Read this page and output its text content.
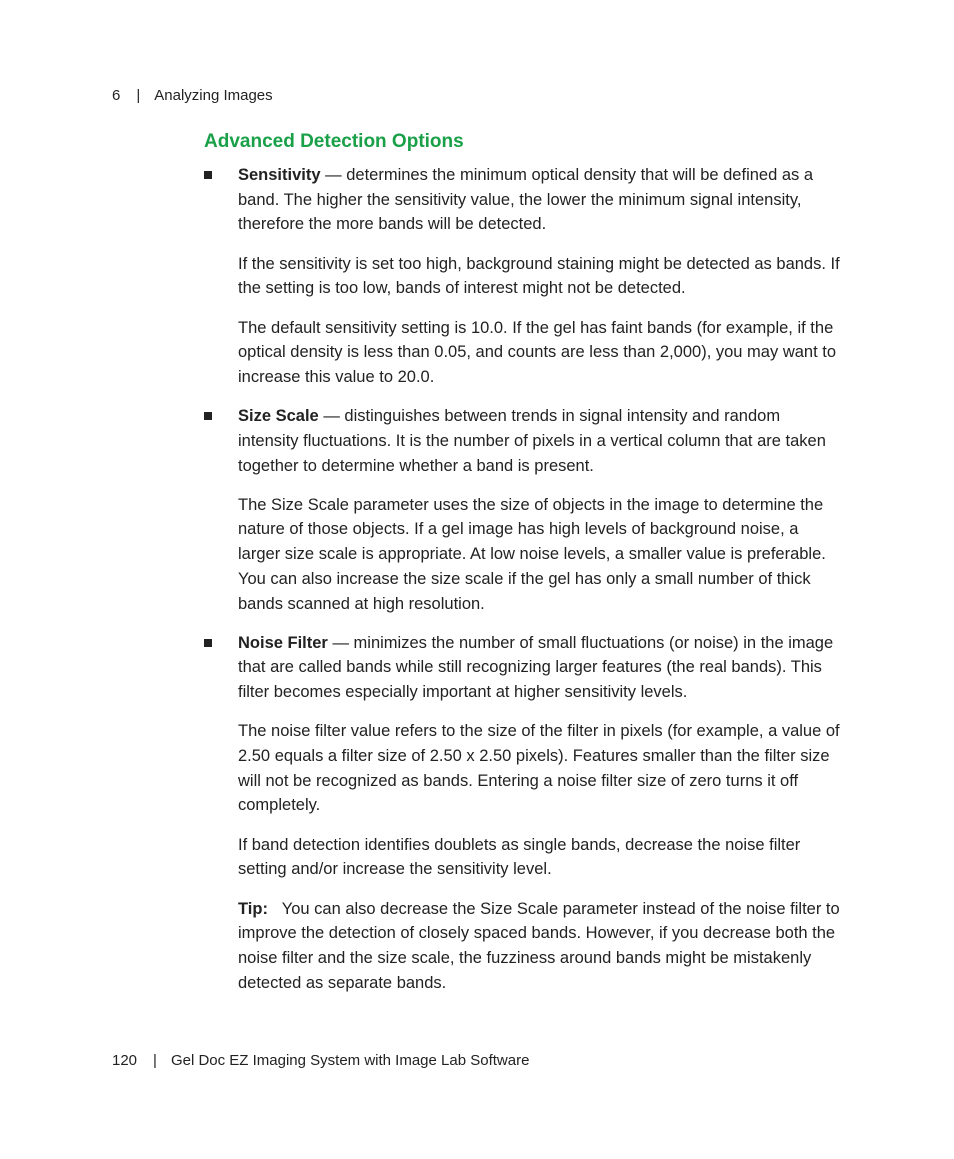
6 | Analyzing Images
Advanced Detection Options

Sensitivity — determines the minimum optical density that will be defined as a band. The higher the sensitivity value, the lower the minimum signal intensity, therefore the more bands will be detected.

If the sensitivity is set too high, background staining might be detected as bands. If the setting is too low, bands of interest might not be detected.

The default sensitivity setting is 10.0. If the gel has faint bands (for example, if the optical density is less than 0.05, and counts are less than 2,000), you may want to increase this value to 20.0.

Size Scale — distinguishes between trends in signal intensity and random intensity fluctuations. It is the number of pixels in a vertical column that are taken together to determine whether a band is present.

The Size Scale parameter uses the size of objects in the image to determine the nature of those objects. If a gel image has high levels of background noise, a larger size scale is appropriate. At low noise levels, a smaller value is preferable. You can also increase the size scale if the gel has only a small number of thick bands scanned at high resolution.

Noise Filter — minimizes the number of small fluctuations (or noise) in the image that are called bands while still recognizing larger features (the real bands). This filter becomes especially important at higher sensitivity levels.

The noise filter value refers to the size of the filter in pixels (for example, a value of 2.50 equals a filter size of 2.50 x 2.50 pixels). Features smaller than the filter size will not be recognized as bands. Entering a noise filter size of zero turns it off completely.

If band detection identifies doublets as single bands, decrease the noise filter setting and/or increase the sensitivity level.

Tip: You can also decrease the Size Scale parameter instead of the noise filter to improve the detection of closely spaced bands. However, if you decrease both the noise filter and the size scale, the fuzziness around bands might be mistakenly detected as separate bands.

120 | Gel Doc EZ Imaging System with Image Lab Software
